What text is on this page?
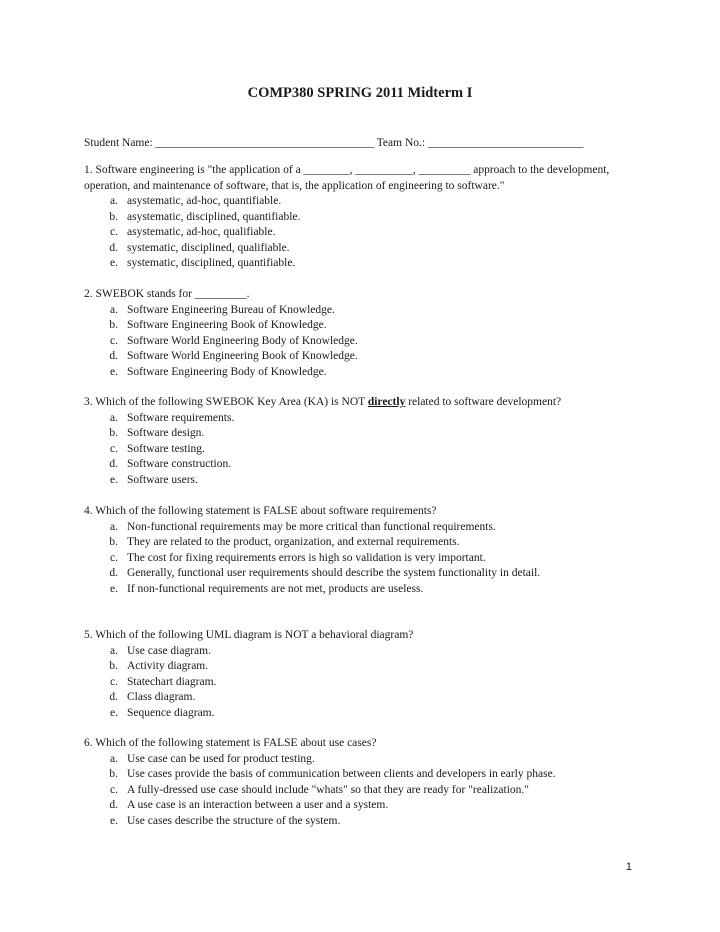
COMP380 SPRING 2011 Midterm I
Student Name: ______________________________________ Team No.: ___________________________

1. Software engineering is "the application of a ________, __________, _________ approach to the development, operation, and maintenance of software, that is, the application of engineering to software."

a. asystematic, ad-hoc, quantifiable.
b. asystematic, disciplined, quantifiable.
c. asystematic, ad-hoc, qualifiable.
d. systematic, disciplined, qualifiable.
e. systematic, disciplined, quantifiable.

2. SWEBOK stands for _________.

a. Software Engineering Bureau of Knowledge.
b. Software Engineering Book of Knowledge.
c. Software World Engineering Body of Knowledge.
d. Software World Engineering Book of Knowledge.
e. Software Engineering Body of Knowledge.

3. Which of the following SWEBOK Key Area (KA) is NOT directly related to software development?

a. Software requirements.
b. Software design.
c. Software testing.
d. Software construction.
e. Software users.

4. Which of the following statement is FALSE about software requirements?

a. Non-functional requirements may be more critical than functional requirements.
b. They are related to the product, organization, and external requirements.
c. The cost for fixing requirements errors is high so validation is very important.
d. Generally, functional user requirements should describe the system functionality in detail.
e. If non-functional requirements are not met, products are useless.

5. Which of the following UML diagram is NOT a behavioral diagram?

a. Use case diagram.
b. Activity diagram.
c. Statechart diagram.
d. Class diagram.
e. Sequence diagram.

6. Which of the following statement is FALSE about use cases?

a. Use case can be used for product testing.
b. Use cases provide the basis of communication between clients and developers in early phase.
c. A fully-dressed use case should include "whats" so that they are ready for "realization."
d. A use case is an interaction between a user and a system.
e. Use cases describe the structure of the system.
1
